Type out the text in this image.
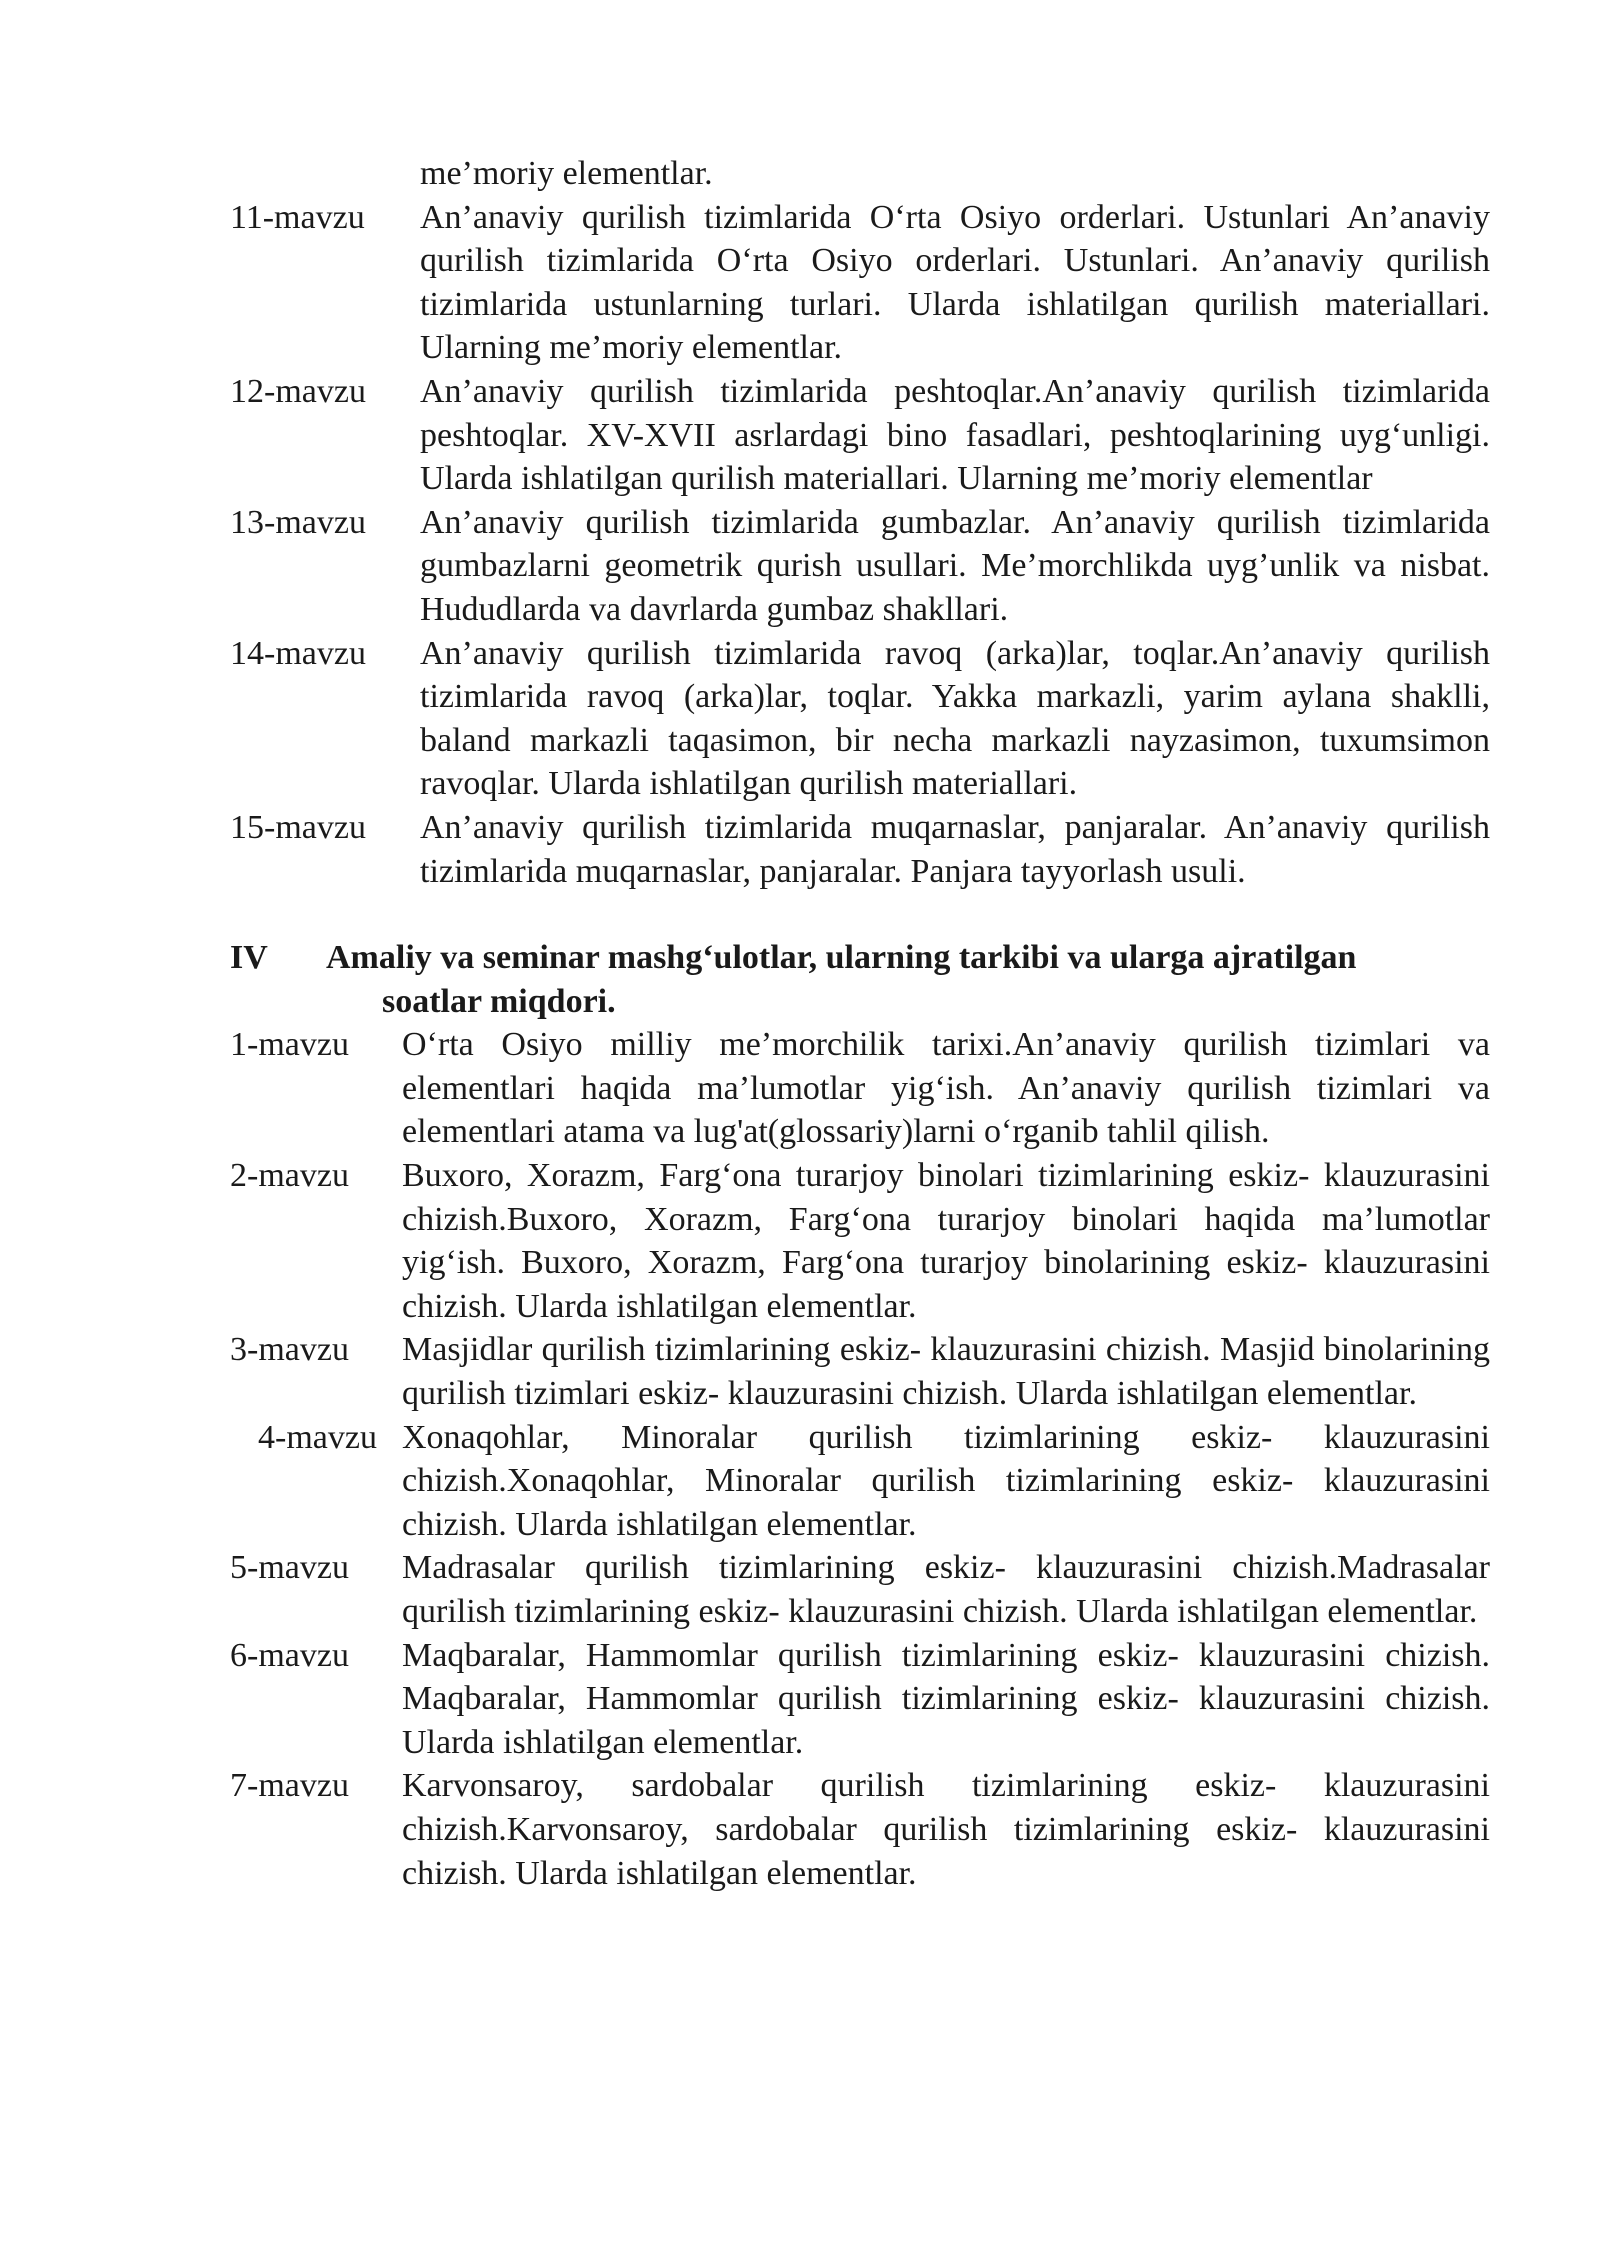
me’moriy elementlar.
11-mavzu	An’anaviy qurilish tizimlarida O‘rta Osiyo orderlari. Ustunlari An’anaviy qurilish tizimlarida O‘rta Osiyo orderlari. Ustunlari. An’anaviy qurilish tizimlarida ustunlarning turlari. Ularda ishlatilgan qurilish materiallari. Ularning me’moriy elementlar.
12-mavzu	An’anaviy qurilish tizimlarida peshtoqlar.An’anaviy qurilish tizimlarida peshtoqlar. XV-XVII asrlardagi bino fasadlari, peshtoqlarining uyg‘unligi. Ularda ishlatilgan qurilish materiallari. Ularning me’moriy elementlar
13-mavzu	An’anaviy qurilish tizimlarida gumbazlar. An’anaviy qurilish tizimlarida gumbazlarni geometrik qurish usullari. Me’morchlikda uyg’unlik va nisbat. Hududlarda va davrlarda gumbaz shakllari.
14-mavzu	An’anaviy qurilish tizimlarida ravoq (arka)lar, toqlar.An’anaviy qurilish tizimlarida ravoq (arka)lar, toqlar. Yakka markazli, yarim aylana shaklli, baland markazli taqasimon, bir necha markazli nayzasimon, tuxumsimon ravoqlar. Ularda ishlatilgan qurilish materiallari.
15-mavzu	An’anaviy qurilish tizimlarida muqarnaslar, panjaralar. An’anaviy qurilish tizimlarida muqarnaslar, panjaralar. Panjara tayyorlash usuli.
IV	Amaliy va seminar mashg‘ulotlar, ularning tarkibi va ularga ajratilgan
soatlar miqdori.
1-mavzu	O‘rta Osiyo milliy me’morchilik tarixi.An’anaviy qurilish tizimlari va elementlari haqida ma’lumotlar yig‘ish. An’anaviy qurilish tizimlari va elementlari atama va lug'at(glossariy)larni o‘rganib tahlil qilish.
2-mavzu	Buxoro, Xorazm, Farg‘ona turarjoy binolari tizimlarining eskiz- klauzurasini chizish.Buxoro, Xorazm, Farg‘ona turarjoy binolari haqida ma’lumotlar yig‘ish. Buxoro, Xorazm, Farg‘ona turarjoy binolarining eskiz- klauzurasini chizish. Ularda ishlatilgan elementlar.
3-mavzu	Masjidlar qurilish tizimlarining eskiz- klauzurasini chizish. Masjid binolarining qurilish tizimlari eskiz- klauzurasini chizish. Ularda ishlatilgan elementlar.
4-mavzu Xonaqohlar, Minoralar qurilish tizimlarining eskiz- klauzurasini chizish.Xonaqohlar, Minoralar qurilish tizimlarining eskiz- klauzurasini chizish. Ularda ishlatilgan elementlar.
5-mavzu	Madrasalar qurilish tizimlarining eskiz- klauzurasini chizish.Madrasalar qurilish tizimlarining eskiz- klauzurasini chizish. Ularda ishlatilgan elementlar.
6-mavzu	Maqbaralar, Hammomlar qurilish tizimlarining eskiz- klauzurasini chizish. Maqbaralar, Hammomlar qurilish tizimlarining eskiz- klauzurasini chizish. Ularda ishlatilgan elementlar.
7-mavzu	Karvonsaroy, sardobalar qurilish tizimlarining eskiz- klauzurasini chizish.Karvonsaroy, sardobalar qurilish tizimlarining eskiz- klauzurasini chizish. Ularda ishlatilgan elementlar.
